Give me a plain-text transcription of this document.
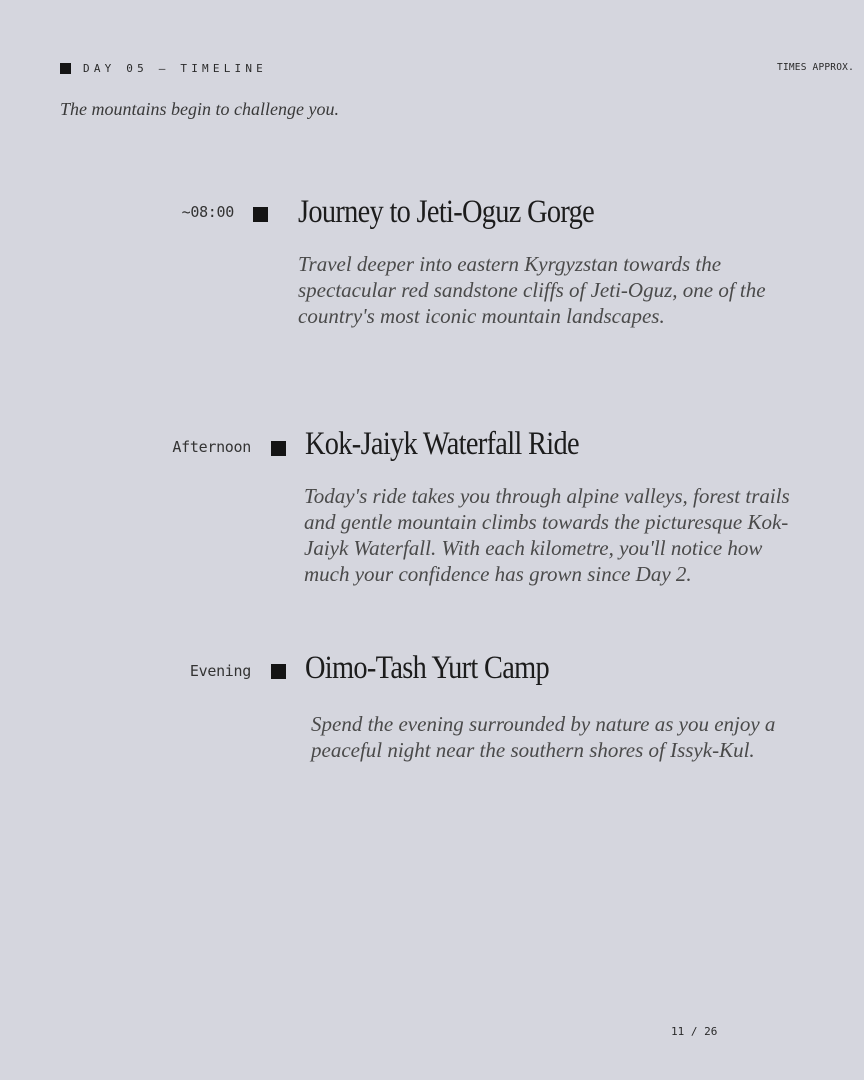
DAY 05 — TIMELINE	TIMES APPROX.
The mountains begin to challenge you.
~08:00 Journey to Jeti-Oguz Gorge
Travel deeper into eastern Kyrgyzstan towards the spectacular red sandstone cliffs of Jeti-Oguz, one of the country's most iconic mountain landscapes.
Afternoon Kok-Jaiyk Waterfall Ride
Today's ride takes you through alpine valleys, forest trails and gentle mountain climbs towards the picturesque Kok-Jaiyk Waterfall. With each kilometre, you'll notice how much your confidence has grown since Day 2.
Evening Oimo-Tash Yurt Camp
Spend the evening surrounded by nature as you enjoy a peaceful night near the southern shores of Issyk-Kul.
11 / 26
